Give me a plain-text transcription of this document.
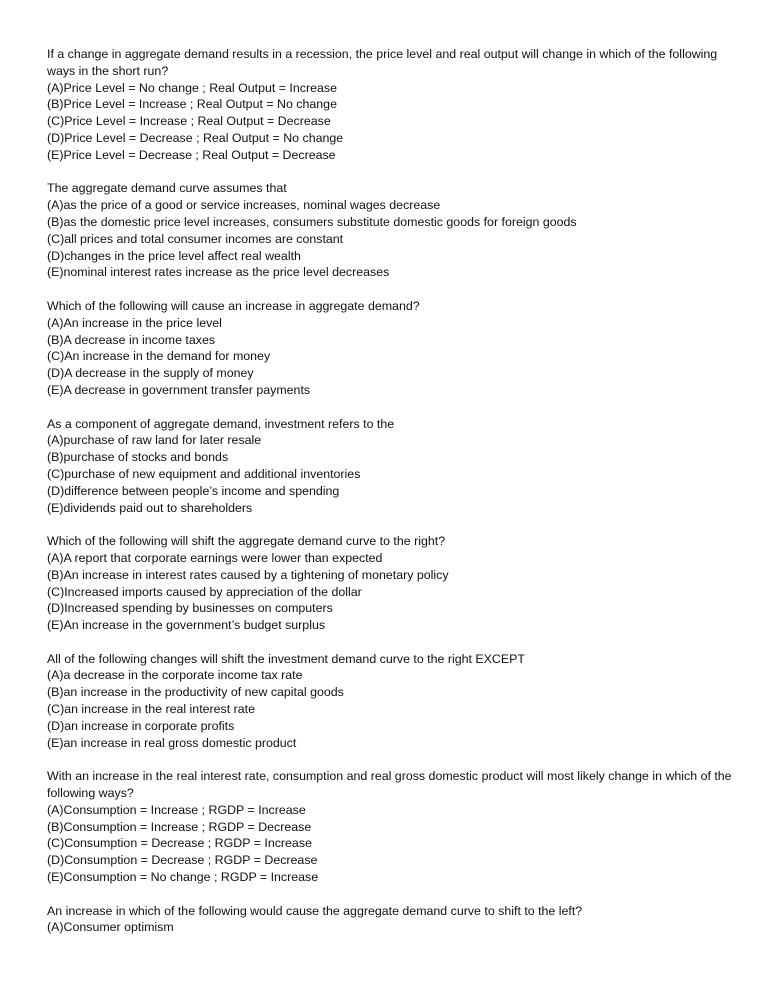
If a change in aggregate demand results in a recession, the price level and real output will change in which of the following ways in the short run?
(A)Price Level = No change ; Real Output = Increase
(B)Price Level = Increase ; Real Output = No change
(C)Price Level = Increase ; Real Output = Decrease
(D)Price Level = Decrease ; Real Output = No change
(E)Price Level = Decrease ; Real Output = Decrease
The aggregate demand curve assumes that
(A)as the price of a good or service increases, nominal wages decrease
(B)as the domestic price level increases, consumers substitute domestic goods for foreign goods
(C)all prices and total consumer incomes are constant
(D)changes in the price level affect real wealth
(E)nominal interest rates increase as the price level decreases
Which of the following will cause an increase in aggregate demand?
(A)An increase in the price level
(B)A decrease in income taxes
(C)An increase in the demand for money
(D)A decrease in the supply of money
(E)A decrease in government transfer payments
As a component of aggregate demand, investment refers to the
(A)purchase of raw land for later resale
(B)purchase of stocks and bonds
(C)purchase of new equipment and additional inventories
(D)difference between people’s income and spending
(E)dividends paid out to shareholders
Which of the following will shift the aggregate demand curve to the right?
(A)A report that corporate earnings were lower than expected
(B)An increase in interest rates caused by a tightening of monetary policy
(C)Increased imports caused by appreciation of the dollar
(D)Increased spending by businesses on computers
(E)An increase in the government’s budget surplus
All of the following changes will shift the investment demand curve to the right EXCEPT
(A)a decrease in the corporate income tax rate
(B)an increase in the productivity of new capital goods
(C)an increase in the real interest rate
(D)an increase in corporate profits
(E)an increase in real gross domestic product
With an increase in the real interest rate, consumption and real gross domestic product will most likely change in which of the following ways?
(A)Consumption = Increase ; RGDP = Increase
(B)Consumption = Increase ; RGDP = Decrease
(C)Consumption = Decrease ; RGDP = Increase
(D)Consumption = Decrease ; RGDP = Decrease
(E)Consumption = No change ; RGDP = Increase
An increase in which of the following would cause the aggregate demand curve to shift to the left?
(A)Consumer optimism
